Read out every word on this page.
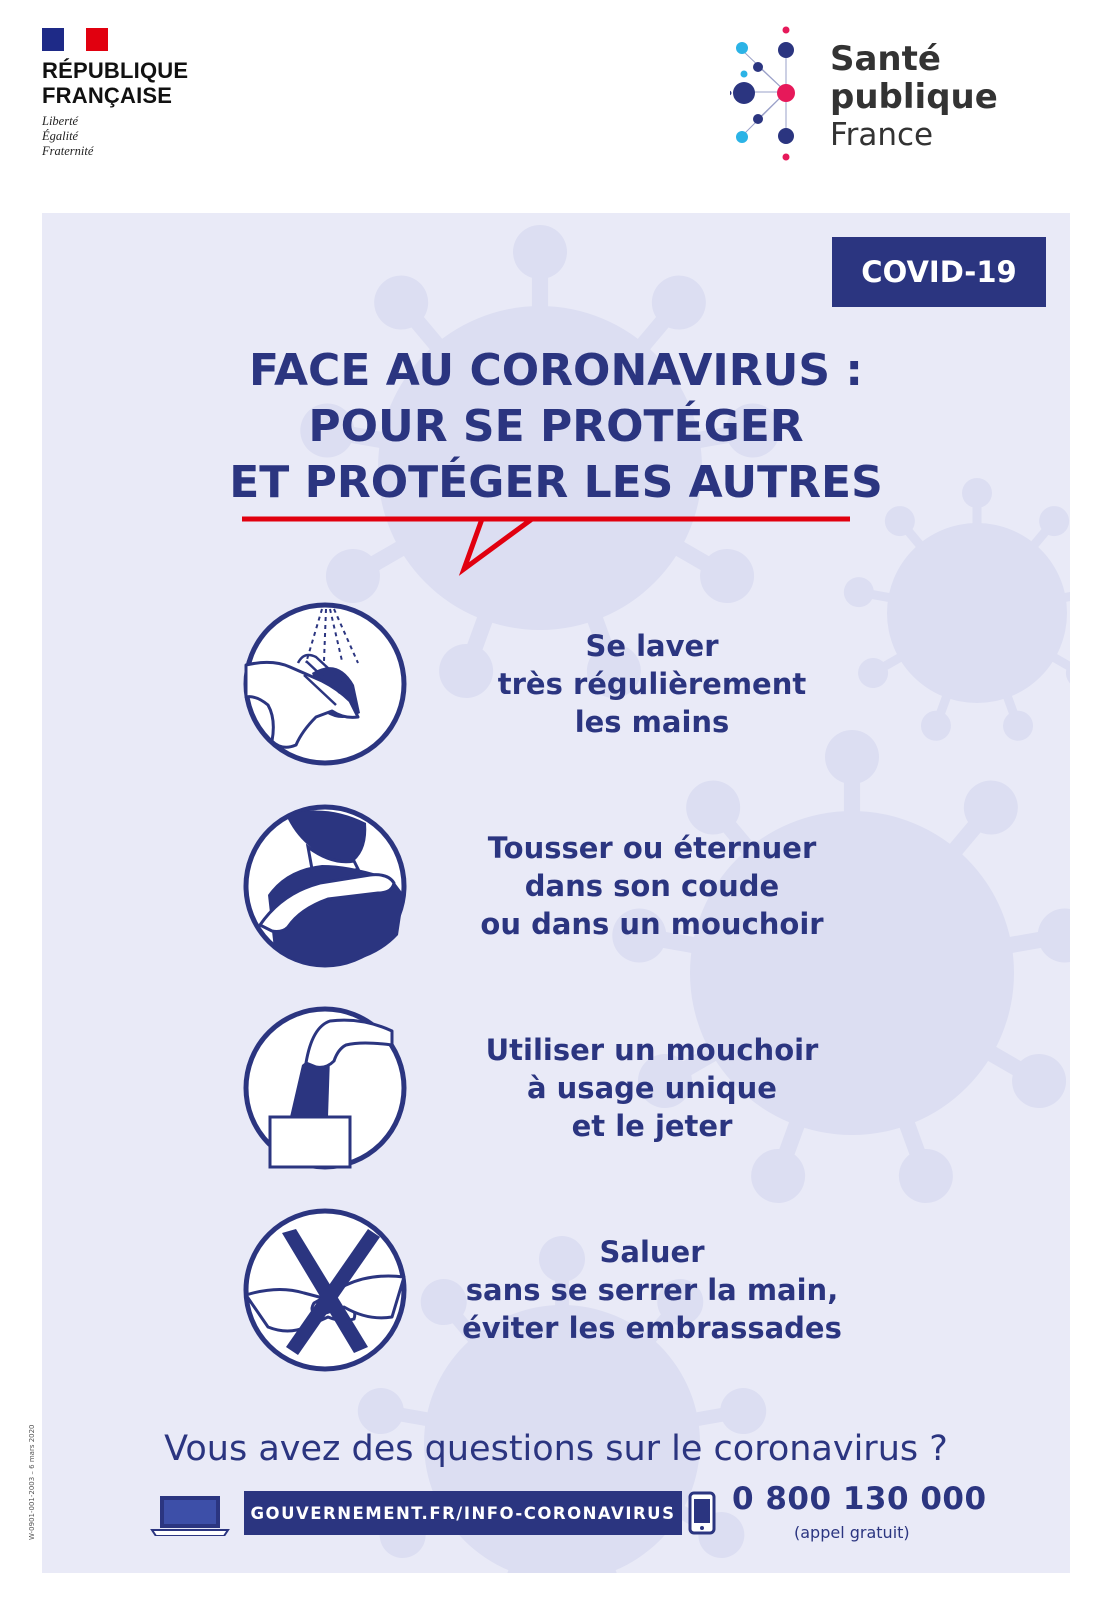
RÉPUBLIQUE
FRANÇAISE
Liberté
Égalité
Fraternité
Santé
publique
France
COVID-19
FACE AU CORONAVIRUS :
POUR SE PROTÉGER
ET PROTÉGER LES AUTRES
Se laver
très régulièrement
les mains
Tousser ou éternuer
dans son coude
ou dans un mouchoir
Utiliser un mouchoir
à usage unique
et le jeter
Saluer
sans se serrer la main,
éviter les embrassades
Vous avez des questions sur le coronavirus ?
GOUVERNEMENT.FR/INFO-CORONAVIRUS 0 800 130 000
(appel gratuit)
W-0901-001-2003 – 6 mars 2020
